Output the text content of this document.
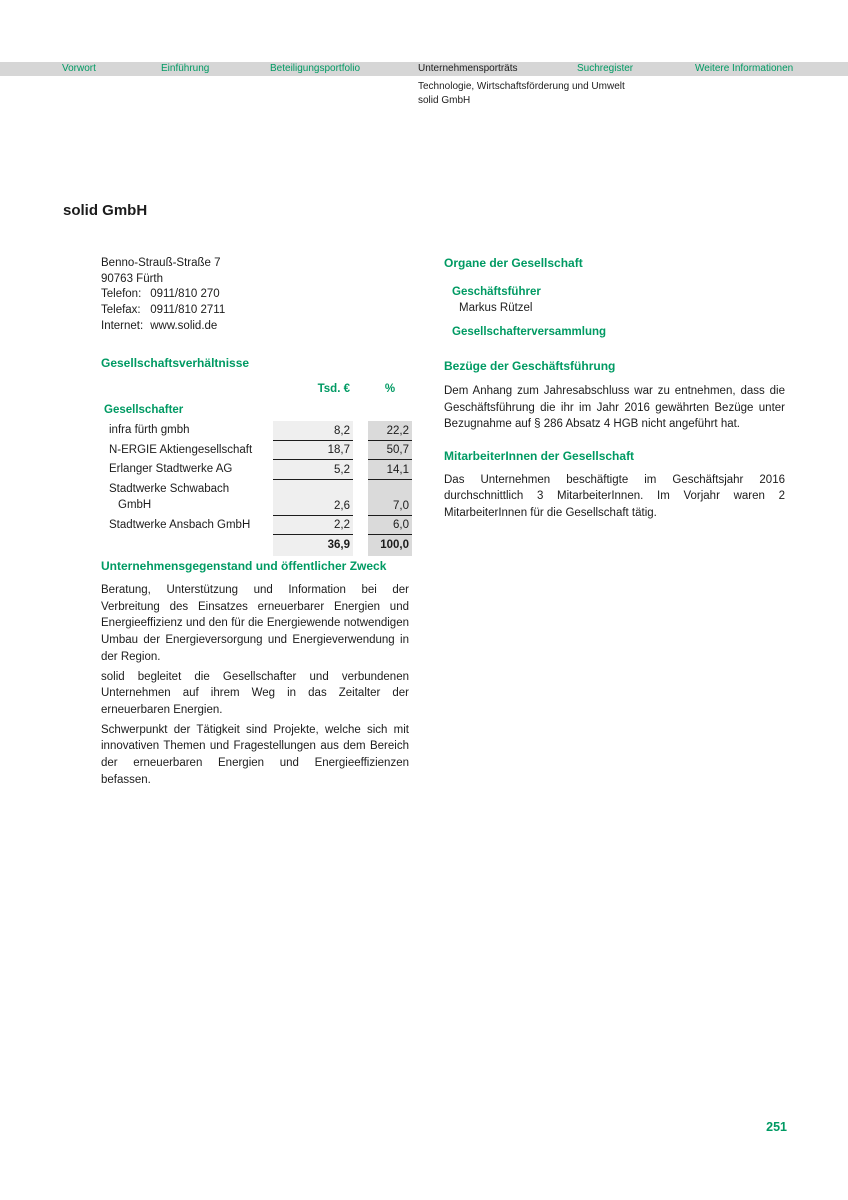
Vorwort	Einführung	Beteiligungsportfolio	Unternehmensporträts	Suchregister	Weitere Informationen
Technologie, Wirtschaftsförderung und Umwelt
solid GmbH
solid GmbH
Benno-Strauß-Straße 7
90763 Fürth
Telefon: 0911/810 270
Telefax: 0911/810 2711
Internet: www.solid.de
Gesellschaftsverhältnisse
Tsd. €	%
Gesellschafter
infra fürth gmbh	8,2	22,2
N-ERGIE Aktiengesellschaft	18,7	50,7
Erlanger Stadtwerke AG	5,2	14,1
Stadtwerke Schwabach GmbH	2,6	7,0
Stadtwerke Ansbach GmbH	2,2	6,0
36,9	100,0
Unternehmensgegenstand und öffentlicher Zweck

Beratung, Unterstützung und Information bei der Verbreitung des Einsatzes erneuerbarer Energien und Energieeffizienz und den für die Energiewende notwendigen Umbau der Energieversorgung und Energieverwendung in der Region.

solid begleitet die Gesellschafter und verbundenen Unternehmen auf ihrem Weg in das Zeitalter der erneuerbaren Energien.

Schwerpunkt der Tätigkeit sind Projekte, welche sich mit innovativen Themen und Fragestellungen aus dem Bereich der erneuerbaren Energien und Energieeffizienzen befassen.

Organe der Gesellschaft
Geschäftsführer
Markus Rützel
Gesellschafterversammlung
Bezüge der Geschäftsführung

Dem Anhang zum Jahresabschluss war zu entnehmen, dass die Geschäftsführung die ihr im Jahr 2016 gewährten Bezüge unter Bezugnahme auf § 286 Absatz 4 HGB nicht angeführt hat.

MitarbeiterInnen der Gesellschaft

Das Unternehmen beschäftigte im Geschäftsjahr 2016 durchschnittlich 3 MitarbeiterInnen. Im Vorjahr waren 2 MitarbeiterInnen für die Gesellschaft tätig.

251
